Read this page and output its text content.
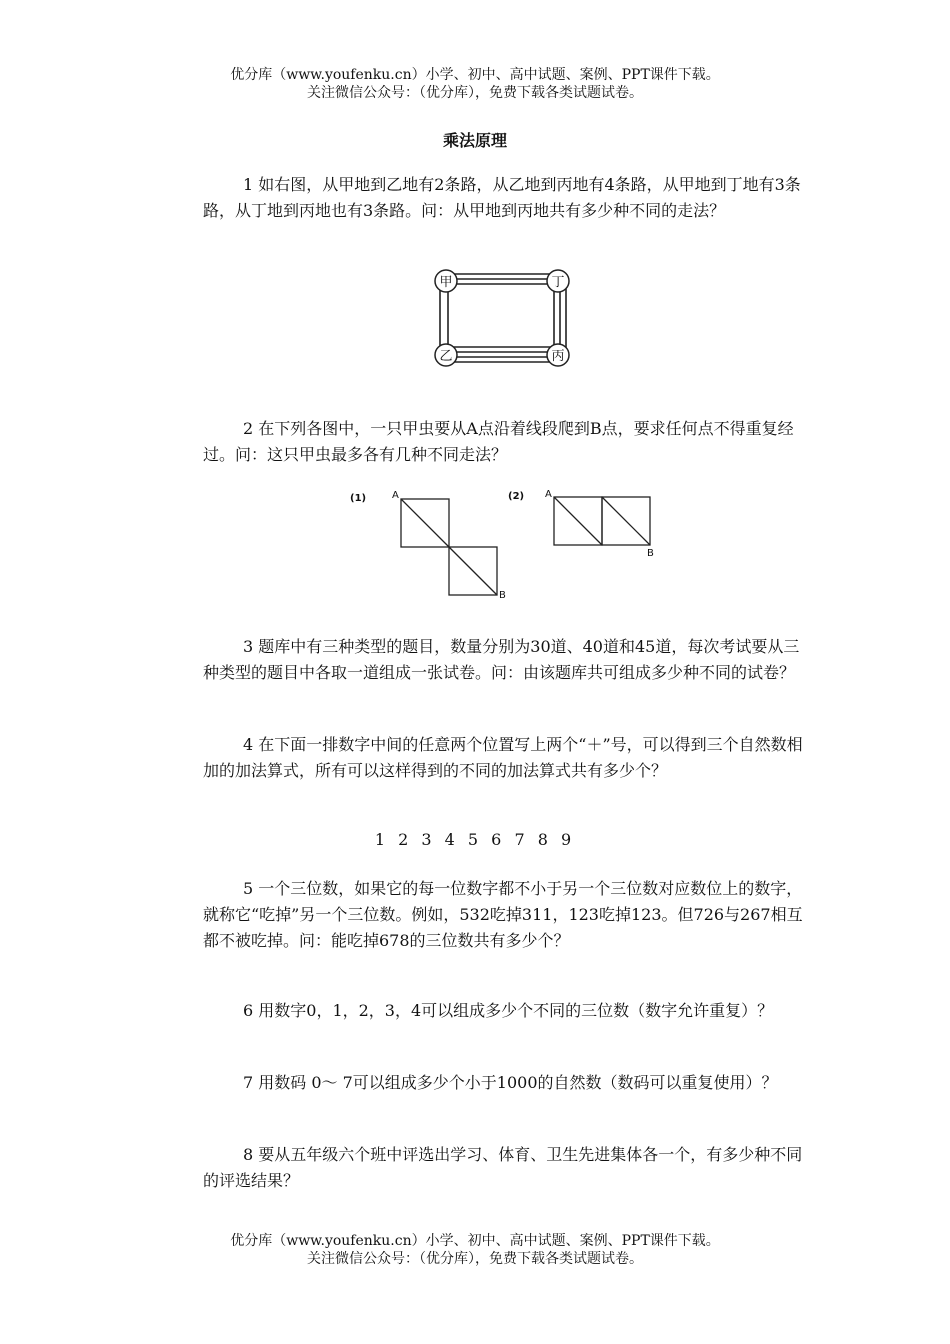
优分库（www.youfenku.cn）小学、初中、高中试题、案例、PPT课件下载。

关注微信公众号：（优分库），免费下载各类试题试卷。

乘法原理

1 如右图，从甲地到乙地有2条路，从乙地到丙地有4条路，从甲地到丁地有3条路，从丁地到丙地也有3条路。问：从甲地到丙地共有多少种不同的走法？

甲	丁
乙	丙

2 在下列各图中，一只甲虫要从A点沿着线段爬到B点，要求任何点不得重复经过。问：这只甲虫最多各有几种不同走法？

(1)	A
B
(2) A
B

3 题库中有三种类型的题目，数量分别为30道、40道和45道，每次考试要从三种类型的题目中各取一道组成一张试卷。问：由该题库共可组成多少种不同的试卷？

4 在下面一排数字中间的任意两个位置写上两个“＋”号，可以得到三个自然数相加的加法算式，所有可以这样得到的不同的加法算式共有多少个？

1 2 3 4 5 6 7 8 9

5 一个三位数，如果它的每一位数字都不小于另一个三位数对应数位上的数字，就称它“吃掉”另一个三位数。例如，532吃掉311，123吃掉123。但726与267相互都不被吃掉。问：能吃掉678的三位数共有多少个？

6 用数字0，1，2，3，4可以组成多少个不同的三位数（数字允许重复）？

7 用数码 0～ 7可以组成多少个小于1000的自然数（数码可以重复使用）？

8 要从五年级六个班中评选出学习、体育、卫生先进集体各一个，有多少种不同的评选结果？

优分库（www.youfenku.cn）小学、初中、高中试题、案例、PPT课件下载。

关注微信公众号：（优分库），免费下载各类试题试卷。
